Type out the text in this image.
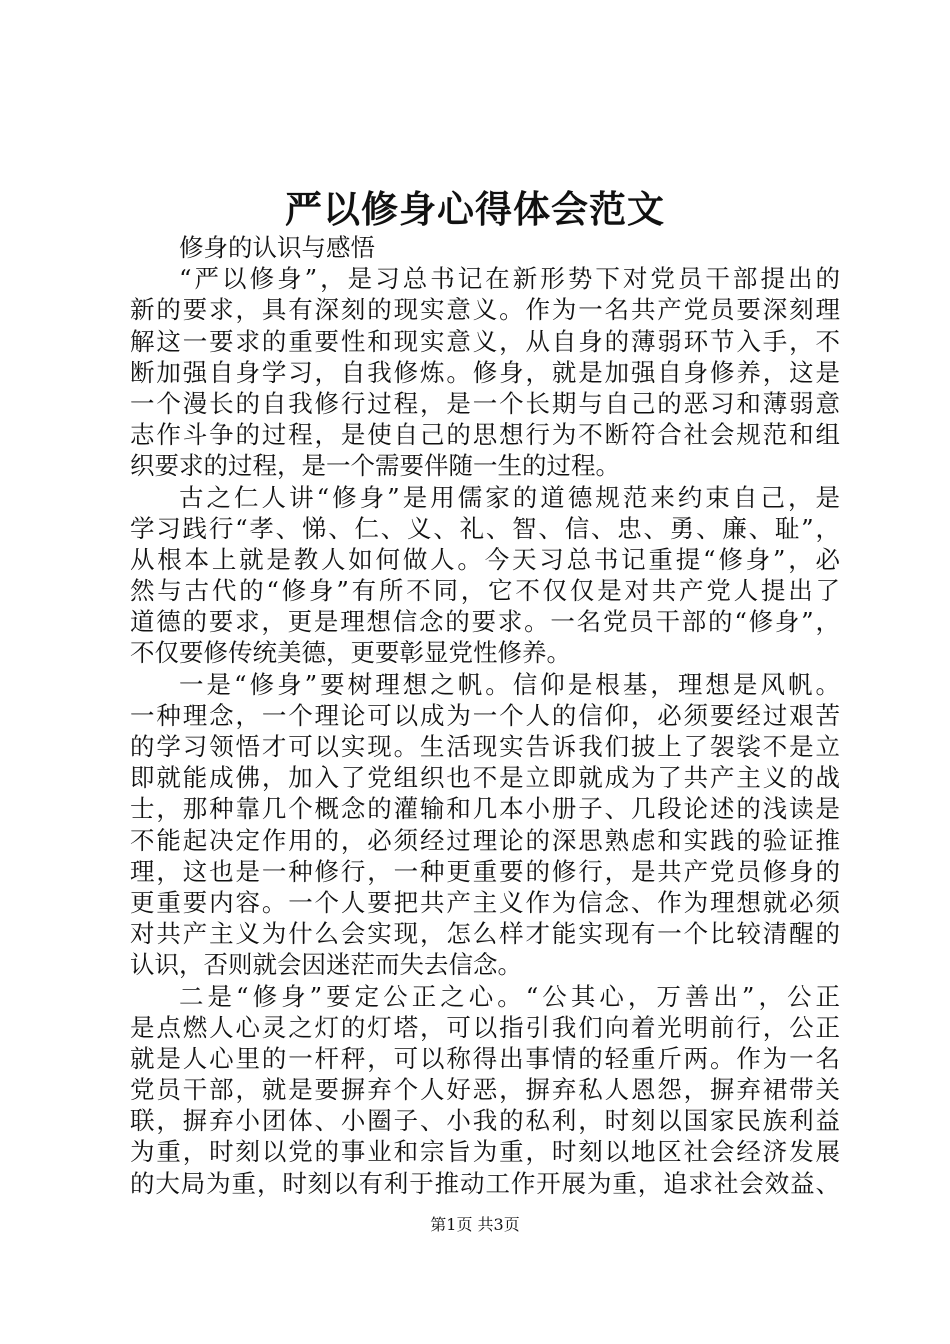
严以修身心得体会范文
修身的认识与感悟
“严以修身”，是习总书记在新形势下对党员干部提出的
新的要求，具有深刻的现实意义。作为一名共产党员要深刻理
解这一要求的重要性和现实意义，从自身的薄弱环节入手，不
断加强自身学习，自我修炼。修身，就是加强自身修养，这是
一个漫长的自我修行过程，是一个长期与自己的恶习和薄弱意
志作斗争的过程，是使自己的思想行为不断符合社会规范和组
织要求的过程，是一个需要伴随一生的过程。
古之仁人讲“修身”是用儒家的道德规范来约束自己，是
学习践行“孝、悌、仁、义、礼、智、信、忠、勇、廉、耻”，
从根本上就是教人如何做人。今天习总书记重提“修身”，必
然与古代的“修身”有所不同，它不仅仅是对共产党人提出了
道德的要求，更是理想信念的要求。一名党员干部的“修身”，
不仅要修传统美德，更要彰显党性修养。
一是“修身”要树理想之帆。信仰是根基，理想是风帆。
一种理念，一个理论可以成为一个人的信仰，必须要经过艰苦
的学习领悟才可以实现。生活现实告诉我们披上了袈裟不是立
即就能成佛，加入了党组织也不是立即就成为了共产主义的战
士，那种靠几个概念的灌输和几本小册子、几段论述的浅读是
不能起决定作用的，必须经过理论的深思熟虑和实践的验证推
理，这也是一种修行，一种更重要的修行，是共产党员修身的
更重要内容。一个人要把共产主义作为信念、作为理想就必须
对共产主义为什么会实现，怎么样才能实现有一个比较清醒的
认识，否则就会因迷茫而失去信念。
二是“修身”要定公正之心。“公其心，万善出”，公正
是点燃人心灵之灯的灯塔，可以指引我们向着光明前行，公正
就是人心里的一杆秤，可以称得出事情的轻重斤两。作为一名
党员干部，就是要摒弃个人好恶，摒弃私人恩怨，摒弃裙带关
联，摒弃小团体、小圈子、小我的私利，时刻以国家民族利益
为重，时刻以党的事业和宗旨为重，时刻以地区社会经济发展
的大局为重，时刻以有利于推动工作开展为重，追求社会效益、
第1页 共3页
